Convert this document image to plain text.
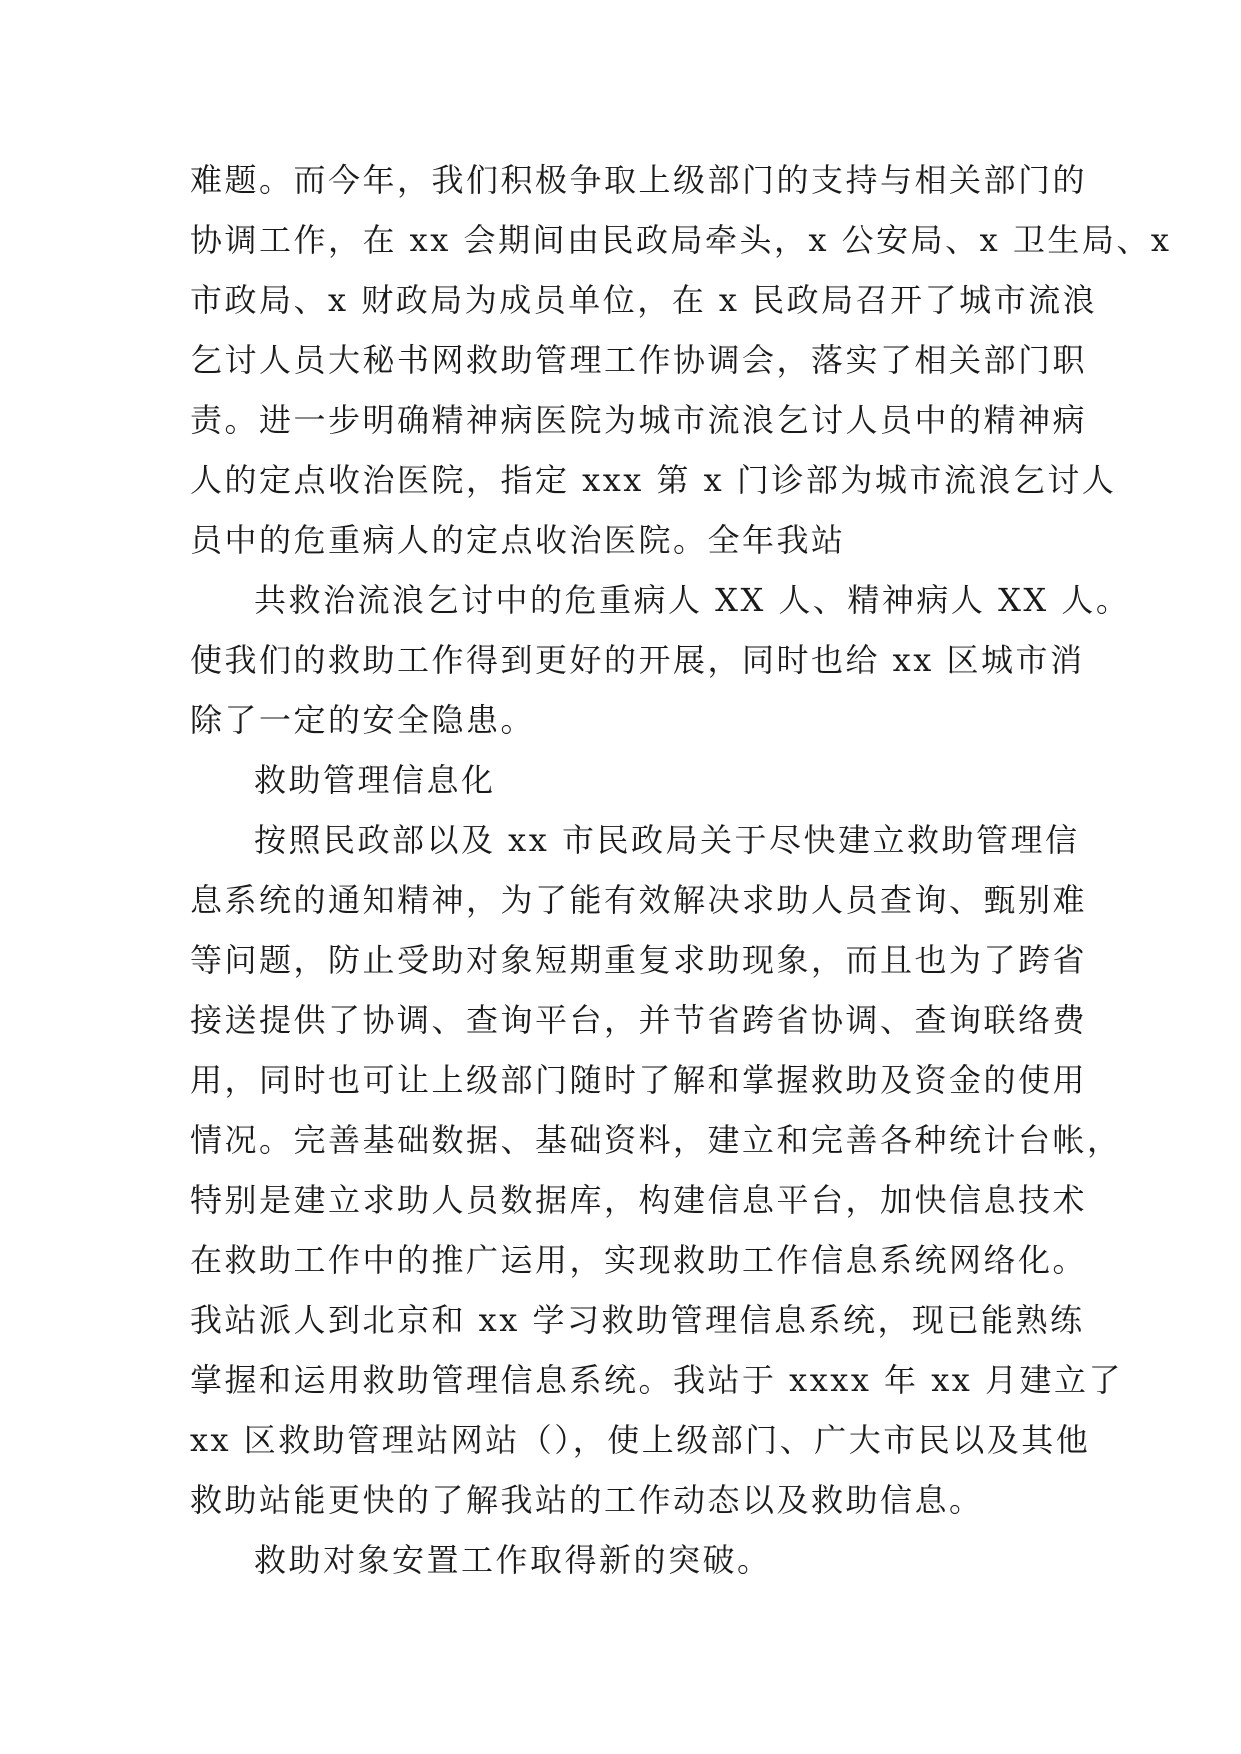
难题。而今年，我们积极争取上级部门的支持与相关部门的
协调工作，在 xx 会期间由民政局牵头，x 公安局、x 卫生局、x
市政局、x 财政局为成员单位，在 x 民政局召开了城市流浪
乞讨人员大秘书网救助管理工作协调会，落实了相关部门职
责。进一步明确精神病医院为城市流浪乞讨人员中的精神病
人的定点收治医院，指定 xxx 第 x 门诊部为城市流浪乞讨人
员中的危重病人的定点收治医院。全年我站
共救治流浪乞讨中的危重病人 XX 人、精神病人 XX 人。
使我们的救助工作得到更好的开展，同时也给 xx 区城市消
除了一定的安全隐患。
救助管理信息化
按照民政部以及 xx 市民政局关于尽快建立救助管理信
息系统的通知精神，为了能有效解决求助人员查询、甄别难
等问题，防止受助对象短期重复求助现象，而且也为了跨省
接送提供了协调、查询平台，并节省跨省协调、查询联络费
用，同时也可让上级部门随时了解和掌握救助及资金的使用
情况。完善基础数据、基础资料，建立和完善各种统计台帐，
特别是建立求助人员数据库，构建信息平台，加快信息技术
在救助工作中的推广运用，实现救助工作信息系统网络化。
我站派人到北京和 xx 学习救助管理信息系统，现已能熟练
掌握和运用救助管理信息系统。我站于 xxxx 年 xx 月建立了
xx 区救助管理站网站（），使上级部门、广大市民以及其他
救助站能更快的了解我站的工作动态以及救助信息。
救助对象安置工作取得新的突破。
